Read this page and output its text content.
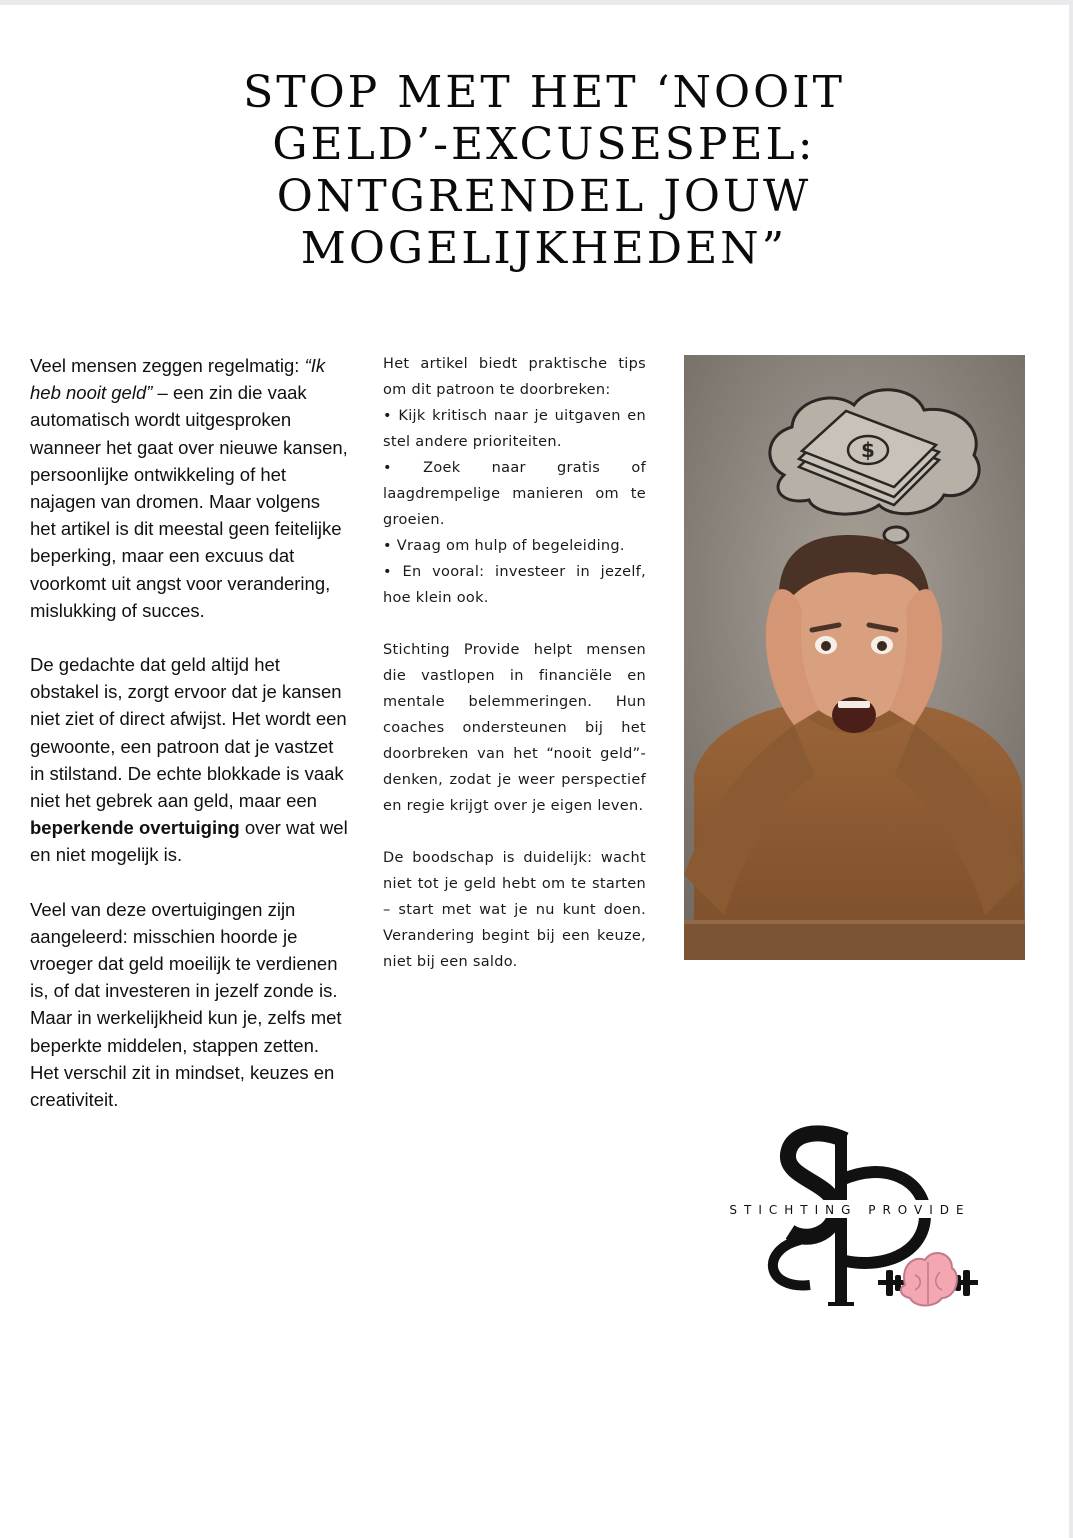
STOP MET HET ‘NOOIT GELD’-EXCUSESPEL: ONTGRENDEL JOUW MOGELIJKHEDEN”

Veel mensen zeggen regelmatig: “Ik heb nooit geld” – een zin die vaak automatisch wordt uitgesproken wanneer het gaat over nieuwe kansen, persoonlijke ontwikkeling of het najagen van dromen. Maar volgens het artikel is dit meestal geen feitelijke beperking, maar een excuus dat voorkomt uit angst voor verandering, mislukking of succes.

De gedachte dat geld altijd het obstakel is, zorgt ervoor dat je kansen niet ziet of direct afwijst. Het wordt een gewoonte, een patroon dat je vastzet in stilstand. De echte blokkade is vaak niet het gebrek aan geld, maar een beperkende overtuiging over wat wel en niet mogelijk is.

Veel van deze overtuigingen zijn aangeleerd: misschien hoorde je vroeger dat geld moeilijk te verdienen is, of dat investeren in jezelf zonde is. Maar in werkelijkheid kun je, zelfs met beperkte middelen, stappen zetten. Het verschil zit in mindset, keuzes en creativiteit.

Het artikel biedt praktische tips om dit patroon te doorbreken:

• Kijk kritisch naar je uitgaven en stel andere prioriteiten.

• Zoek naar gratis of laagdrempelige manieren om te groeien.

• Vraag om hulp of begeleiding.

• En vooral: investeer in jezelf, hoe klein ook.

Stichting Provide helpt mensen die vastlopen in financiële en mentale belemmeringen. Hun coaches ondersteunen bij het doorbreken van het “nooit geld”-denken, zodat je weer perspectief en regie krijgt over je eigen leven.

De boodschap is duidelijk: wacht niet tot je geld hebt om te starten – start met wat je nu kunt doen. Verandering begint bij een keuze, niet bij een saldo.

$
STICHTING PROVIDE
